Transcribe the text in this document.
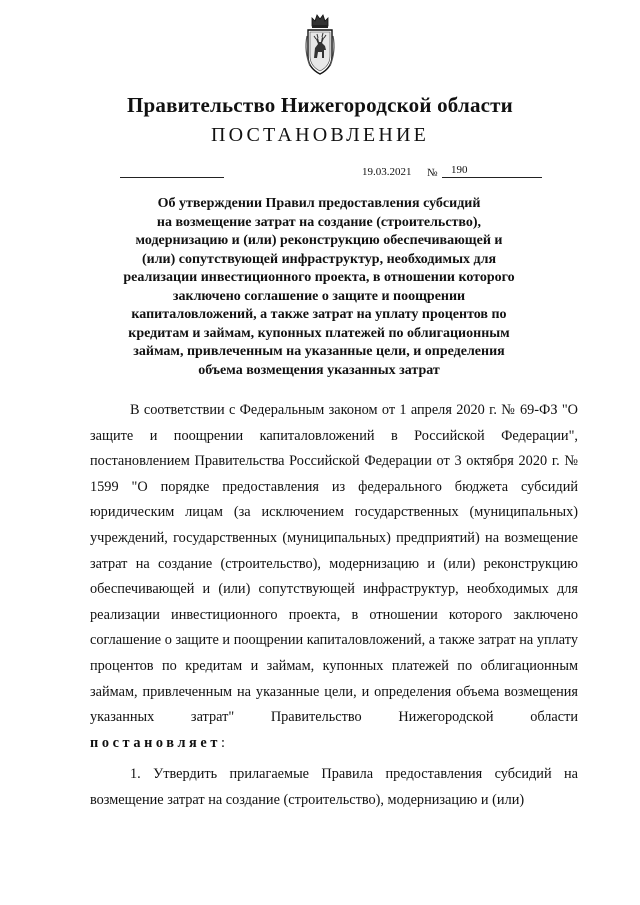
Правительство Нижегородской области
ПОСТАНОВЛЕНИЕ
19.03.2021 № 190
Об утверждении Правил предоставления субсидий
на возмещение затрат на создание (строительство),
модернизацию и (или) реконструкцию обеспечивающей и
(или) сопутствующей инфраструктур, необходимых для
реализации инвестиционного проекта, в отношении которого
заключено соглашение о защите и поощрении
капиталовложений, а также затрат на уплату процентов по
кредитам и займам, купонных платежей по облигационным
займам, привлеченным на указанные цели, и определения
объема возмещения указанных затрат

В соответствии с Федеральным законом от 1 апреля 2020 г. № 69-ФЗ "О защите и поощрении капиталовложений в Российской Федерации", постановлением Правительства Российской Федерации от 3 октября 2020 г. № 1599 "О порядке предоставления из федерального бюджета субсидий юридическим лицам (за исключением государственных (муниципальных) учреждений, государственных (муниципальных) предприятий) на возмещение затрат на создание (строительство), модернизацию и (или) реконструкцию обеспечивающей и (или) сопутствующей инфраструктур, необходимых для реализации инвестиционного проекта, в отношении которого заключено соглашение о защите и поощрении капиталовложений, а также затрат на уплату процентов по кредитам и займам, купонных платежей по облигационным займам, привлеченным на указанные цели, и определения объема возмещения указанных затрат" Правительство Нижегородской области постановляет:

1. Утвердить прилагаемые Правила предоставления субсидий на возмещение затрат на создание (строительство), модернизацию и (или)
